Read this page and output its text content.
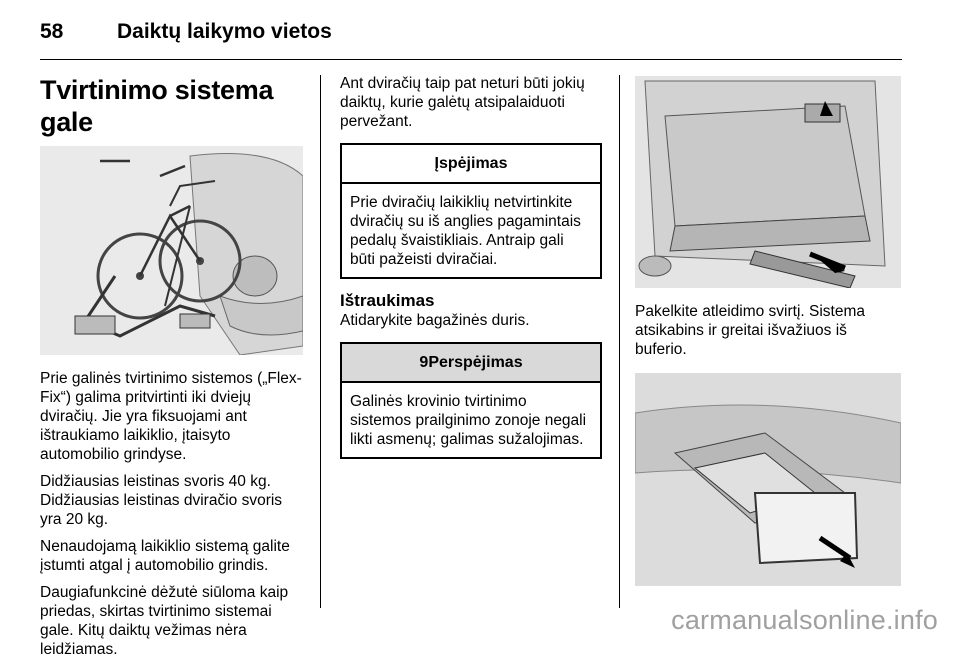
58	Daiktų laikymo vietos
Tvirtinimo sistema gale

Prie galinės tvirtinimo sistemos („Flex-Fix“) galima pritvirtinti iki dviejų dviračių. Jie yra fiksuojami ant ištraukiamo laikiklio, įtaisyto automobilio grindyse.

Didžiausias leistinas svoris 40 kg. Didžiausias leistinas dviračio svoris yra 20 kg.

Nenaudojamą laikiklio sistemą galite įstumti atgal į automobilio grindis.

Daugiafunkcinė dėžutė siūloma kaip priedas, skirtas tvirtinimo sistemai gale. Kitų daiktų vežimas nėra leidžiamas.

Ant dviračių taip pat neturi būti jokių daiktų, kurie galėtų atsipalaiduoti pervežant.

Įspėjimas
Prie dviračių laikiklių netvirtinkite dviračių su iš anglies pagamintais pedalų švaistikliais. Antraip gali būti pažeisti dviračiai.
Ištraukimas

Atidarykite bagažinės duris.

9Perspėjimas
Galinės krovinio tvirtinimo sistemos prailginimo zonoje negali likti asmenų; galimas sužalojimas.

Pakelkite atleidimo svirtį. Sistema atsikabins ir greitai išvažiuos iš buferio.

carmanualsonline.info
